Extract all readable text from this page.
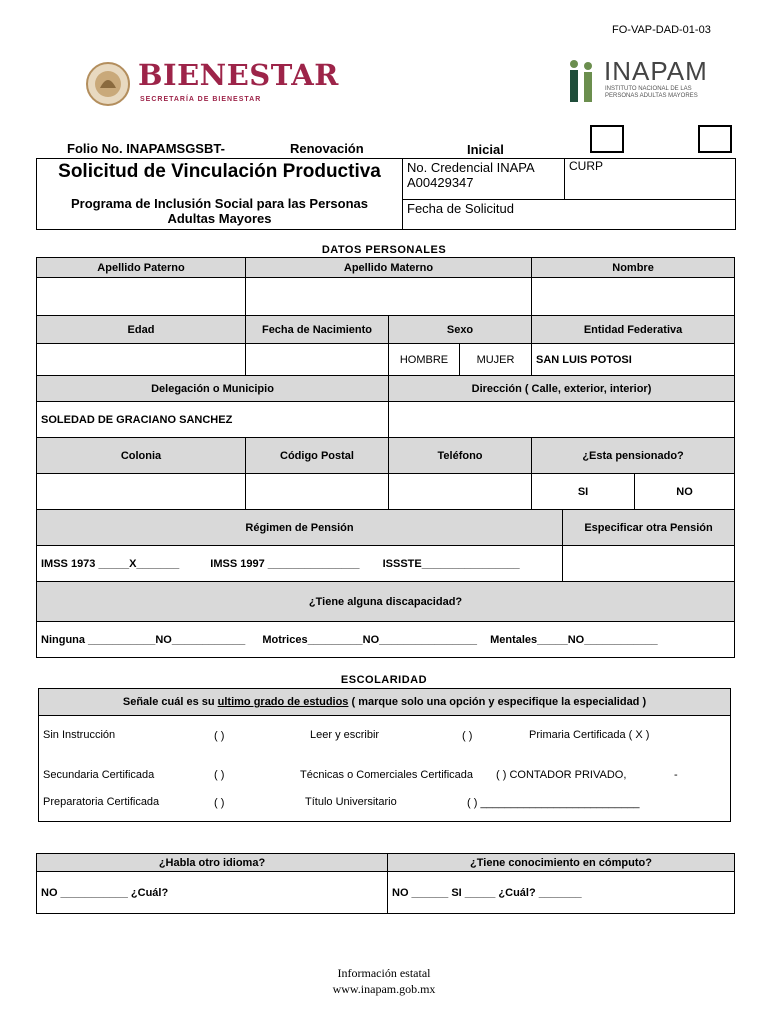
FO-VAP-DAD-01-03
BIENESTAR
SECRETARÍA DE BIENESTAR
INAPAM
INSTITUTO NACIONAL DE LAS
PERSONAS ADULTAS MAYORES
Folio No. INAPAMSGSBT-	Renovación	Inicial
Solicitud de Vinculación Productiva
Programa de Inclusión Social para las Personas
Adultas Mayores

No. Credencial INAPA
A00429347

CURP

Fecha de Solicitud
DATOS PERSONALES
Apellido Paterno	Apellido Materno			Nombre		

Edad	Fecha de Nacimiento	Sexo		Entidad Federativa		
		HOMBRE	MUJER	SAN LUIS POTOSI		
Delegación o Municipio		Dirección ( Calle, exterior, interior)				
SOLEDAD DE GRACIANO SANCHEZ						
Colonia	Código Postal	Teléfono		¿Esta pensionado?		
				SI		NO
Régimen de Pensión					Especificar otra Pensión	
IMSS 1973 _____X_______ IMSS 1997 _______________ ISSSTE________________						
¿Tiene alguna discapacidad?						
Ninguna ___________NO____________ Motrices_________NO________________ Mentales_____NO____________						
ESCOLARIDAD
Señale cuál es su ultimo grado de estudios ( marque solo una opción y especifique la especialidad )
Sin Instrucción	( )	Leer y escribir	( )	Primaria Certificada ( X )
Secundaria Certificada	( )	Técnicas o Comerciales Certificada ( ) CONTADOR PRIVADO,	-
Preparatoria Certificada	( )	Título Universitario	( ) __________________________
¿Habla otro idioma?	¿Tiene conocimiento en cómputo?
NO ___________ ¿Cuál?	NO ______ SI _____ ¿Cuál? _______
Información estatal
www.inapam.gob.mx
